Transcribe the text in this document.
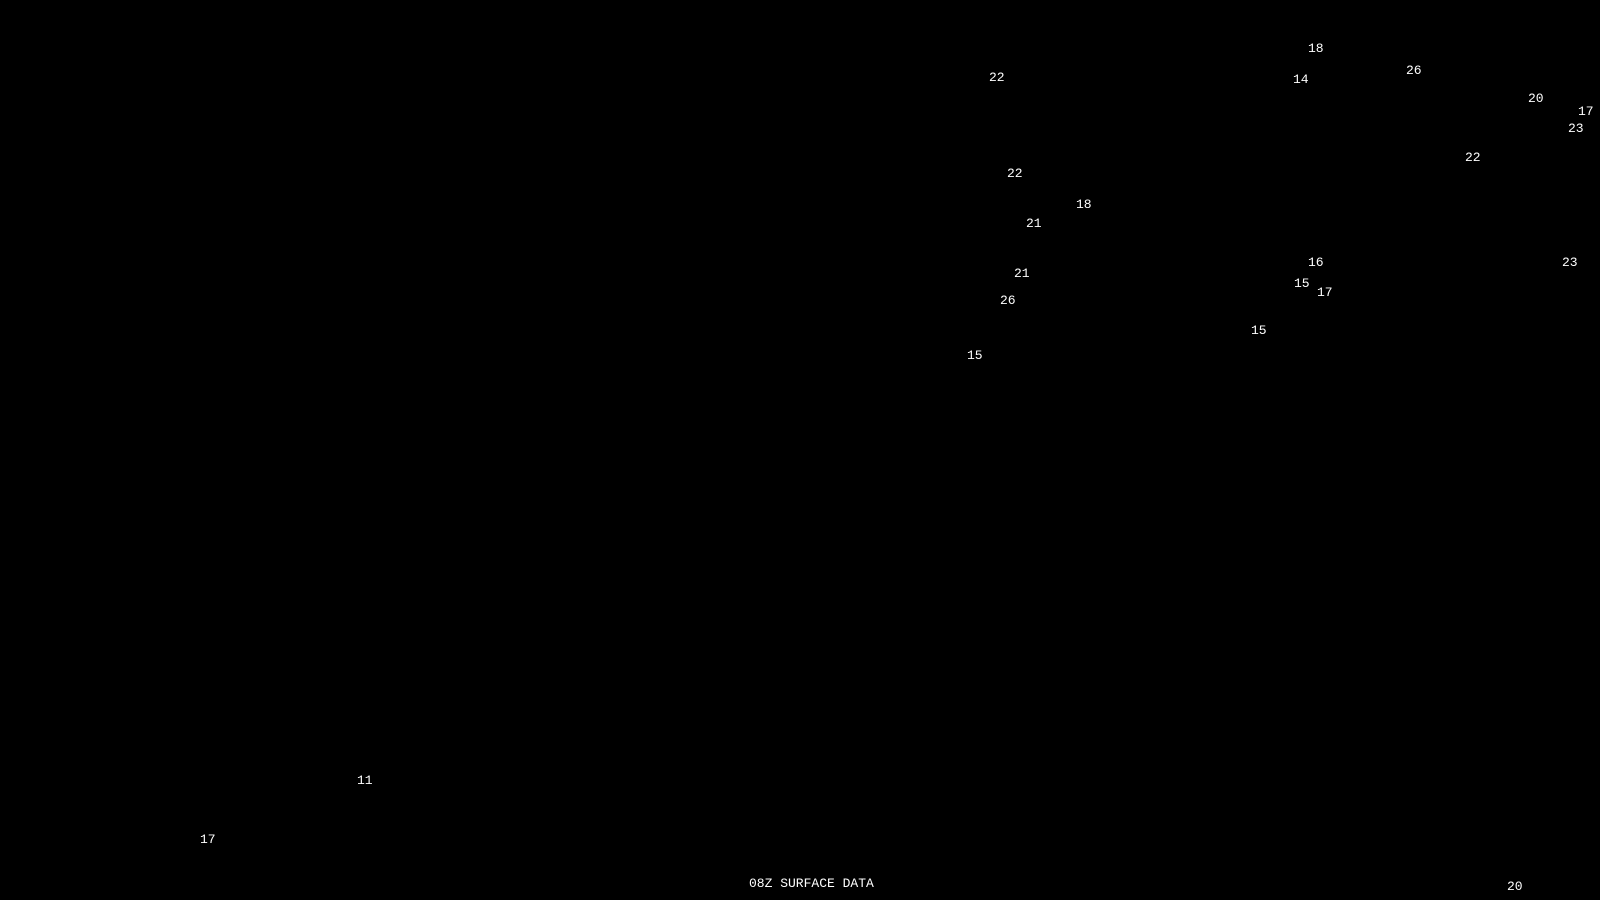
08Z SURFACE DATA
22
18
14
26
20
17
23
22
22
18
21
21
26
15
16
15
17
15
23
11
17
20
